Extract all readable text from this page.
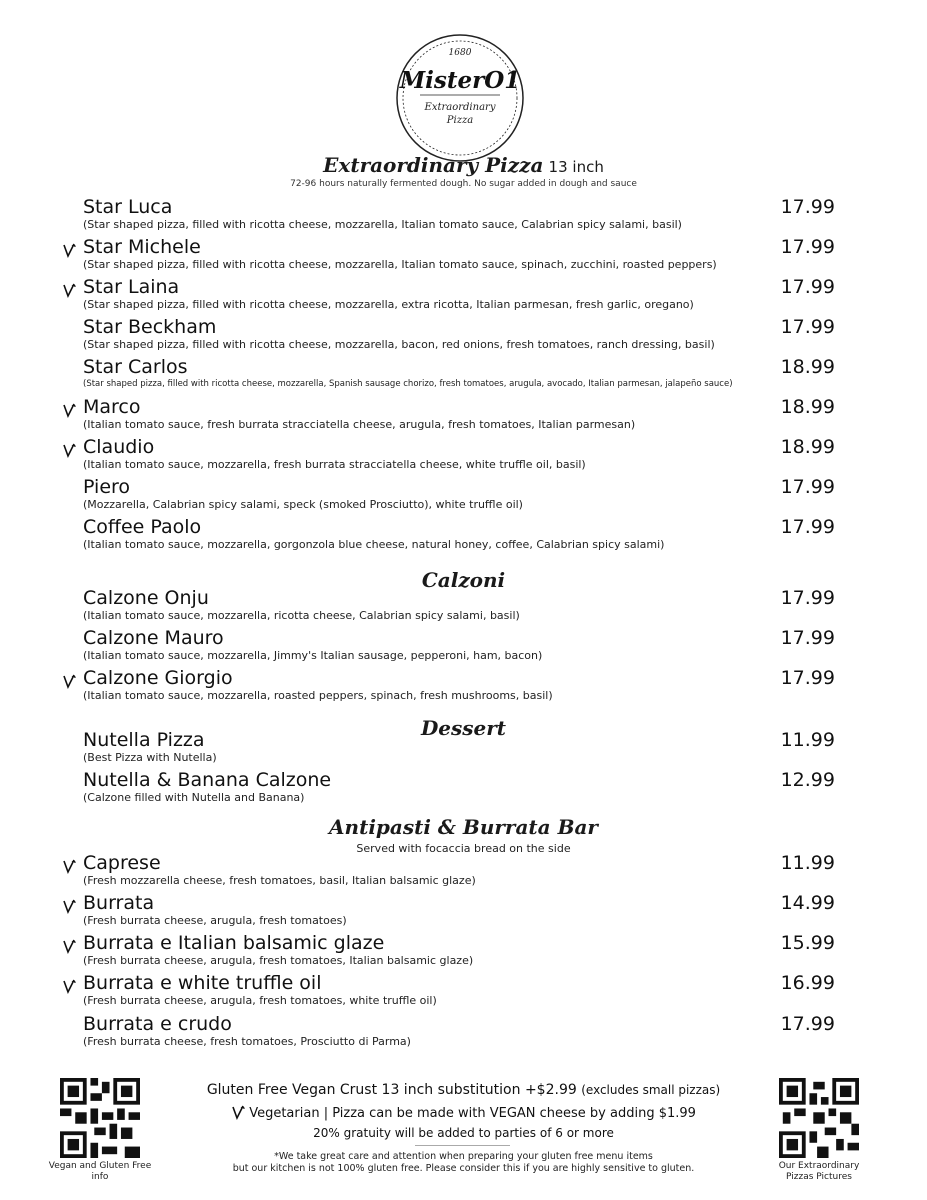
1680
MisterO1
Extraordinary
Pizza
Extraordinary Pizza 13 inch
72-96 hours naturally fermented dough. No sugar added in dough and sauce
Star Luca
(Star shaped pizza, filled with ricotta cheese, mozzarella, Italian tomato sauce, Calabrian spicy salami, basil)
17.99
Star Michele
(Star shaped pizza, filled with ricotta cheese, mozzarella, Italian tomato sauce, spinach, zucchini, roasted peppers)
17.99
Star Laina
(Star shaped pizza, filled with ricotta cheese, mozzarella, extra ricotta, Italian parmesan, fresh garlic, oregano)
17.99
Star Beckham
(Star shaped pizza, filled with ricotta cheese, mozzarella, bacon, red onions, fresh tomatoes, ranch dressing, basil)
17.99
Star Carlos
(Star shaped pizza, filled with ricotta cheese, mozzarella, Spanish sausage chorizo, fresh tomatoes, arugula, avocado, Italian parmesan, jalapeño sauce)
18.99
Marco
(Italian tomato sauce, fresh burrata stracciatella cheese, arugula, fresh tomatoes, Italian parmesan)
18.99
Claudio
(Italian tomato sauce, mozzarella, fresh burrata stracciatella cheese, white truffle oil, basil)
18.99
Piero
(Mozzarella, Calabrian spicy salami, speck (smoked Prosciutto), white truffle oil)
17.99
Coffee Paolo
(Italian tomato sauce, mozzarella, gorgonzola blue cheese, natural honey, coffee, Calabrian spicy salami)
17.99
Calzoni
Calzone Onju
(Italian tomato sauce, mozzarella, ricotta cheese, Calabrian spicy salami, basil)
17.99
Calzone Mauro
(Italian tomato sauce, mozzarella, Jimmy's Italian sausage, pepperoni, ham, bacon)
17.99
Calzone Giorgio
(Italian tomato sauce, mozzarella, roasted peppers, spinach, fresh mushrooms, basil)
17.99
Dessert
Nutella Pizza
(Best Pizza with Nutella)
11.99
Nutella & Banana Calzone
(Calzone filled with Nutella and Banana)
12.99
Antipasti & Burrata Bar
Served with focaccia bread on the side
Caprese
(Fresh mozzarella cheese, fresh tomatoes, basil, Italian balsamic glaze)
11.99
Burrata
(Fresh burrata cheese, arugula, fresh tomatoes)
14.99
Burrata e Italian balsamic glaze
(Fresh burrata cheese, arugula, fresh tomatoes, Italian balsamic glaze)
15.99
Burrata e white truffle oil
(Fresh burrata cheese, arugula, fresh tomatoes, white truffle oil)
16.99
Burrata e crudo
(Fresh burrata cheese, fresh tomatoes, Prosciutto di Parma)
17.99
Vegan and Gluten Free info
Our Extraordinary Pizzas Pictures
Gluten Free Vegan Crust 13 inch substitution +$2.99 (excludes small pizzas)
Vegetarian | Pizza can be made with VEGAN cheese by adding $1.99
20% gratuity will be added to parties of 6 or more
*We take great care and attention when preparing your gluten free menu items
but our kitchen is not 100% gluten free. Please consider this if you are highly sensitive to gluten.
